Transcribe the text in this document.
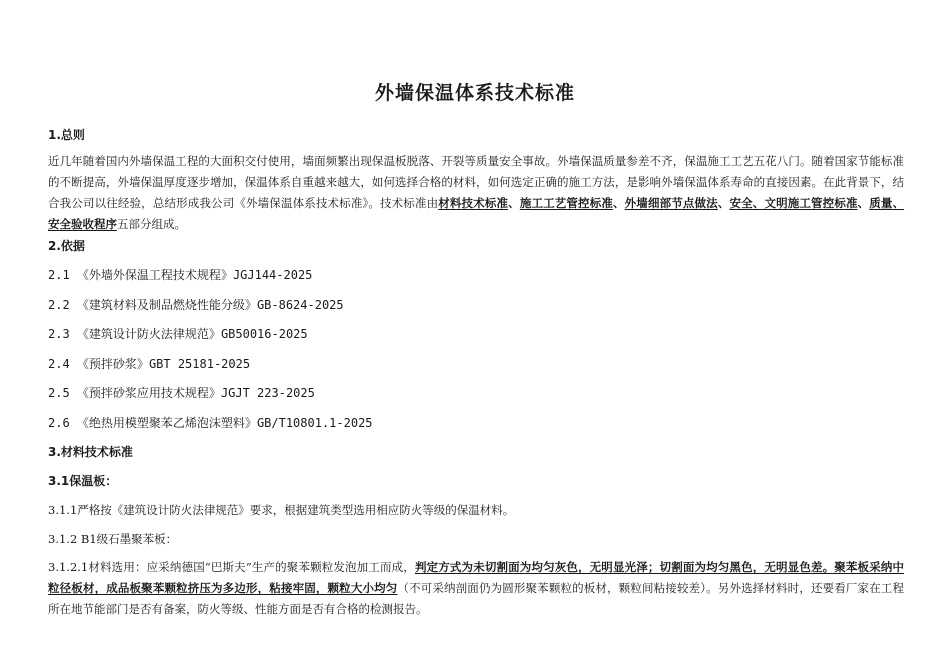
外墙保温体系技术标准
1.总则
近几年随着国内外墙保温工程的大面积交付使用，墙面频繁出现保温板脱落、开裂等质量安全事故。外墙保温质量参差不齐，保温施工工艺五花八门。随着国家节能标准的不断提高，外墙保温厚度逐步增加，保温体系自重越来越大，如何选择合格的材料，如何选定正确的施工方法，是影响外墙保温体系寿命的直接因素。在此背景下，结合我公司以往经验，总结形成我公司《外墙保温体系技术标准》。技术标准由材料技术标准、施工工艺管控标准、外墙细部节点做法、安全、文明施工管控标准、质量、安全验收程序五部分组成。
2.依据
2.1 《外墙外保温工程技术规程》JGJ144-2025
2.2 《建筑材料及制品燃烧性能分级》GB-8624-2025
2.3 《建筑设计防火法律规范》GB50016-2025
2.4 《预拌砂浆》GBT 25181-2025
2.5 《预拌砂浆应用技术规程》JGJT 223-2025
2.6 《绝热用模塑聚苯乙烯泡沫塑料》GB/T10801.1-2025
3.材料技术标准
3.1保温板：
3.1.1严格按《建筑设计防火法律规范》要求，根据建筑类型选用相应防火等级的保温材料。
3.1.2 B1级石墨聚苯板：
3.1.2.1材料选用：应采纳德国“巴斯夫”生产的聚苯颗粒发泡加工而成，判定方式为未切割面为均匀灰色，无明显光泽；切割面为均匀黑色，无明显色差。聚苯板采纳中粒径板材，成品板聚苯颗粒挤压为多边形，粘接牢固，颗粒大小均匀（不可采纳剖面仍为圆形聚苯颗粒的板材，颗粒间粘接较差）。另外选择材料时，还要看厂家在工程所在地节能部门是否有备案，防火等级、性能方面是否有合格的检测报告。
